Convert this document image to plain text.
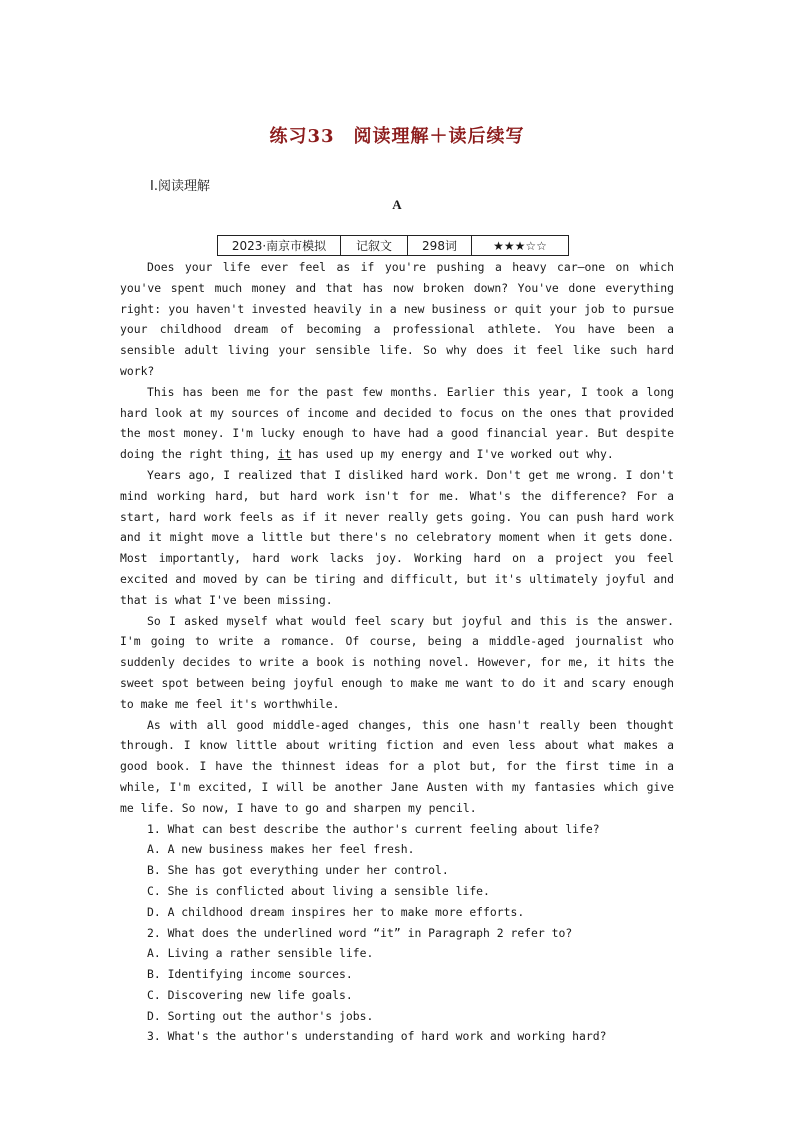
练习33　阅读理解＋读后续写
Ⅰ.阅读理解
A
2023·南京市模拟	记叙文	298词	★★★☆☆

Does your life ever feel as if you're pushing a heavy car—one on which you've spent much money and that has now broken down? You've done everything right: you haven't invested heavily in a new business or quit your job to pursue your childhood dream of becoming a professional athlete. You have been a sensible adult living your sensible life. So why does it feel like such hard work?

This has been me for the past few months. Earlier this year, I took a long hard look at my sources of income and decided to focus on the ones that provided the most money. I'm lucky enough to have had a good financial year. But despite doing the right thing, it has used up my energy and I've worked out why.

Years ago, I realized that I disliked hard work. Don't get me wrong. I don't mind working hard, but hard work isn't for me. What's the difference? For a start, hard work feels as if it never really gets going. You can push hard work and it might move a little but there's no celebratory moment when it gets done. Most importantly, hard work lacks joy. Working hard on a project you feel excited and moved by can be tiring and difficult, but it's ultimately joyful and that is what I've been missing.

So I asked myself what would feel scary but joyful and this is the answer. I'm going to write a romance. Of course, being a middle-aged journalist who suddenly decides to write a book is nothing novel. However, for me, it hits the sweet spot between being joyful enough to make me want to do it and scary enough to make me feel it's worthwhile.

As with all good middle-aged changes, this one hasn't really been thought through. I know little about writing fiction and even less about what makes a good book. I have the thinnest ideas for a plot but, for the first time in a while, I'm excited, I will be another Jane Austen with my fantasies which give me life. So now, I have to go and sharpen my pencil.

1. What can best describe the author's current feeling about life?
A. A new business makes her feel fresh.
B. She has got everything under her control.
C. She is conflicted about living a sensible life.
D. A childhood dream inspires her to make more efforts.
2. What does the underlined word “it” in Paragraph 2 refer to?
A. Living a rather sensible life.
B. Identifying income sources.
C. Discovering new life goals.
D. Sorting out the author's jobs.
3. What's the author's understanding of hard work and working hard?
